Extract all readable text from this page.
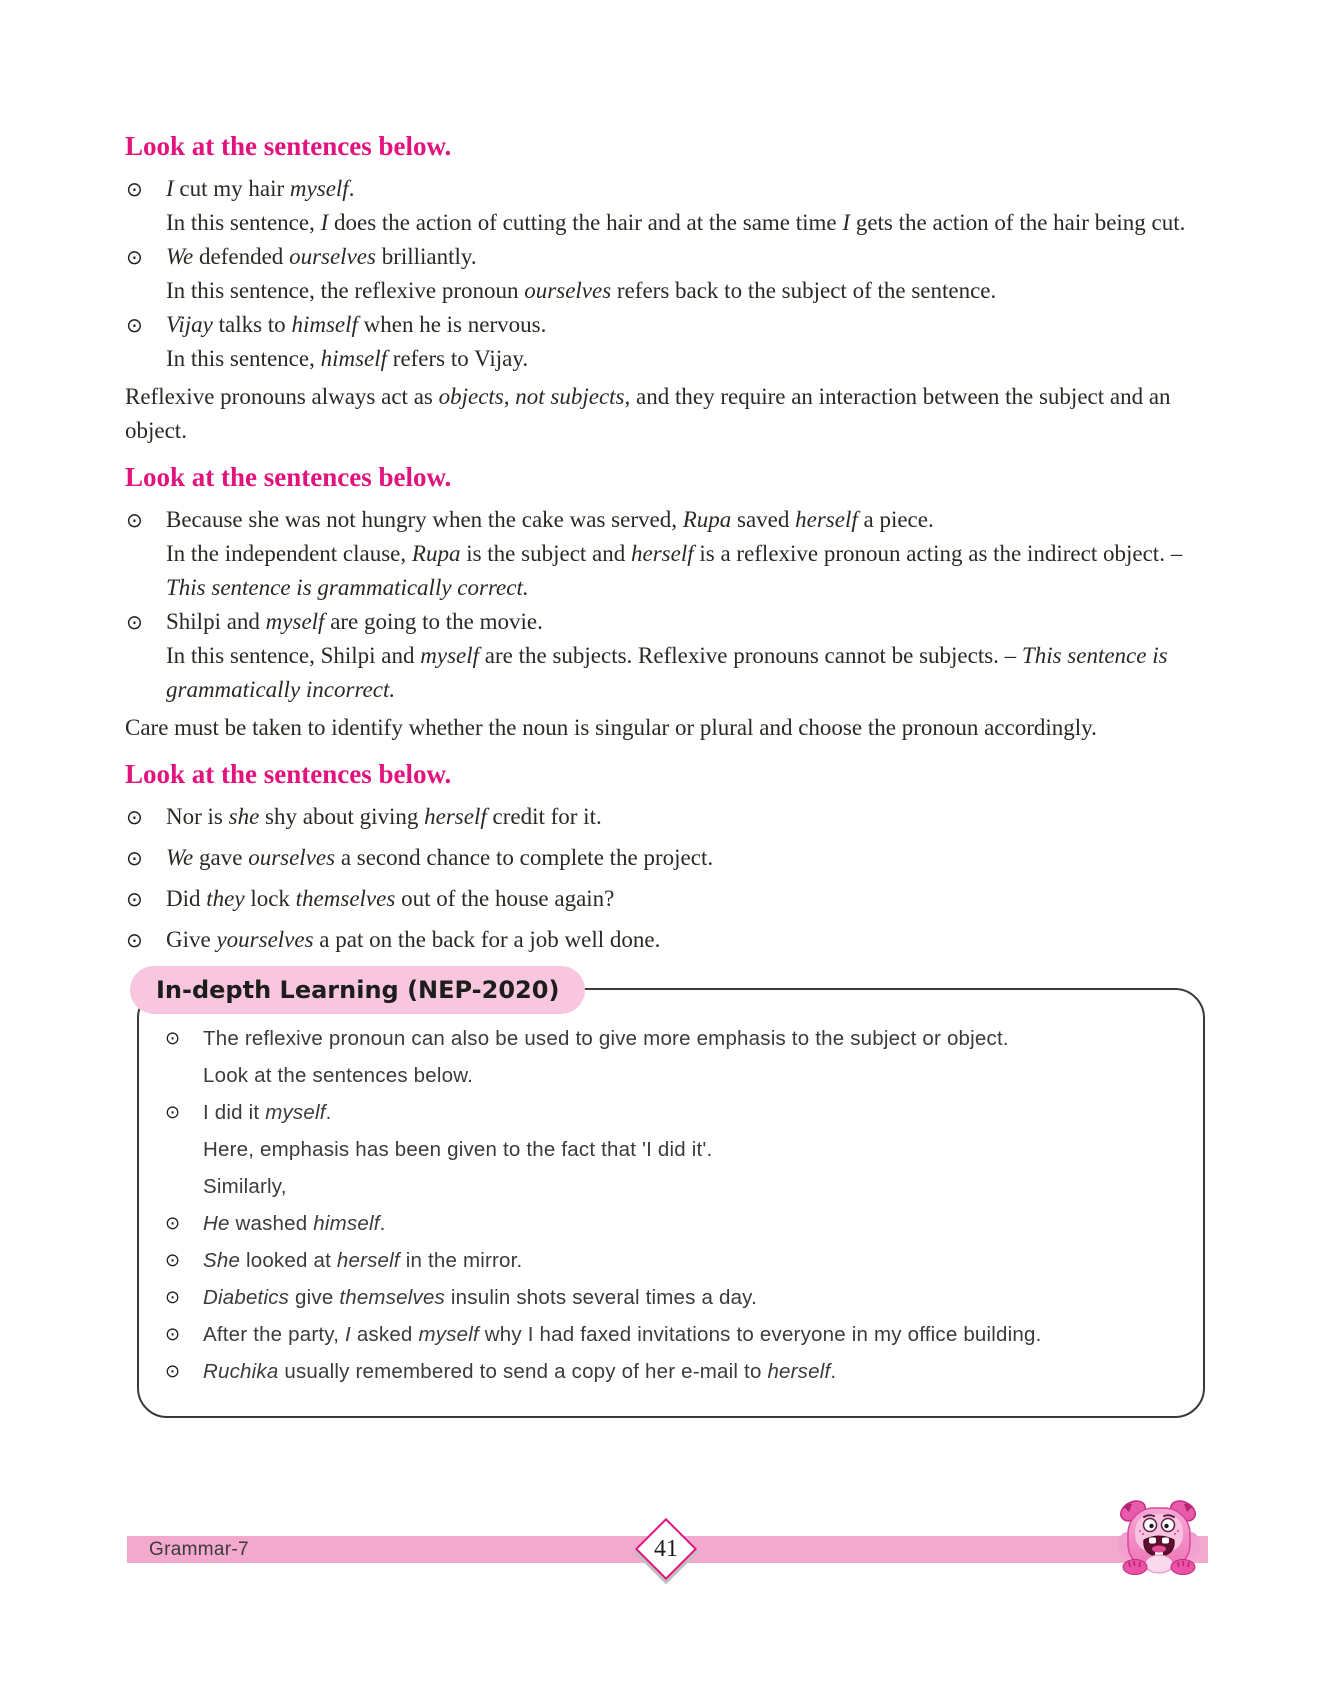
Look at the sentences below.
⊙ I cut my hair myself.
In this sentence, I does the action of cutting the hair and at the same time I gets the action of the hair being cut.
⊙ We defended ourselves brilliantly.
In this sentence, the reflexive pronoun ourselves refers back to the subject of the sentence.
⊙ Vijay talks to himself when he is nervous.
In this sentence, himself refers to Vijay.

Reflexive pronouns always act as objects, not subjects, and they require an interaction between the subject and an object.

Look at the sentences below.
⊙ Because she was not hungry when the cake was served, Rupa saved herself a piece.
In the independent clause, Rupa is the subject and herself is a reflexive pronoun acting as the indirect object. – This sentence is grammatically correct.
⊙ Shilpi and myself are going to the movie.
In this sentence, Shilpi and myself are the subjects. Reflexive pronouns cannot be subjects. – This sentence is grammatically incorrect.

Care must be taken to identify whether the noun is singular or plural and choose the pronoun accordingly.

Look at the sentences below.
⊙ Nor is she shy about giving herself credit for it.
⊙ We gave ourselves a second chance to complete the project.
⊙ Did they lock themselves out of the house again?
⊙ Give yourselves a pat on the back for a job well done.
In-depth Learning (NEP-2020)
⊙ The reflexive pronoun can also be used to give more emphasis to the subject or object.
Look at the sentences below.
⊙ I did it myself.
Here, emphasis has been given to the fact that 'I did it'.
Similarly,
⊙ He washed himself.
⊙ She looked at herself in the mirror.
⊙ Diabetics give themselves insulin shots several times a day.
⊙ After the party, I asked myself why I had faxed invitations to everyone in my office building.
⊙ Ruchika usually remembered to send a copy of her e-mail to herself.
Grammar-7	41
